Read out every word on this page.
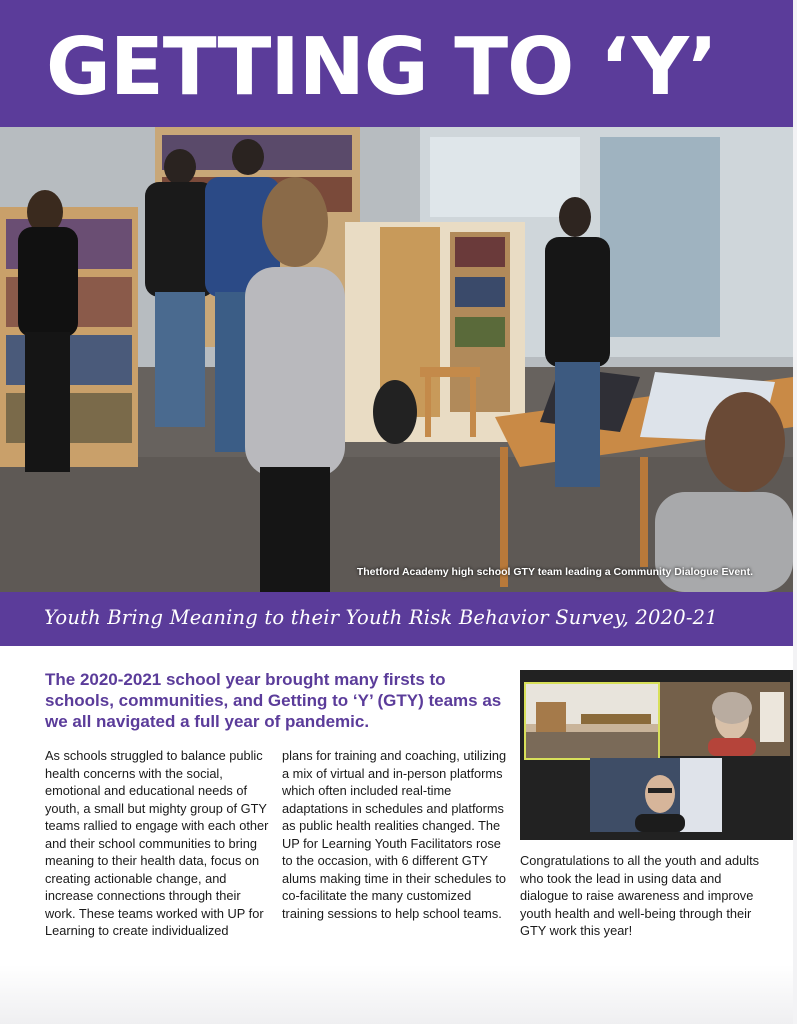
GETTING TO ‘Y’
Thetford Academy high school GTY team leading a Community Dialogue Event.
Youth Bring Meaning to their Youth Risk Behavior Survey, 2020-21
The 2020-2021 school year brought many firsts to schools, communities, and Getting to ‘Y’ (GTY) teams as we all navigated a full year of pandemic.
As schools struggled to balance public health concerns with the social, emotional and educational needs of youth, a small but mighty group of GTY teams rallied to engage with each other and their school communities to bring meaning to their health data, focus on creating actionable change, and increase connections through their work. These teams worked with UP for Learning to create individualized
plans for training and coaching, utilizing a mix of virtual and in-person platforms which often included real-time adaptations in schedules and platforms as public health realities changed. The UP for Learning Youth Facilitators rose to the occasion, with 6 different GTY alums making time in their schedules to co-facilitate the many customized training sessions to help school teams.
Congratulations to all the youth and adults who took the lead in using data and dialogue to raise awareness and improve youth health and well-being through their GTY work this year!
